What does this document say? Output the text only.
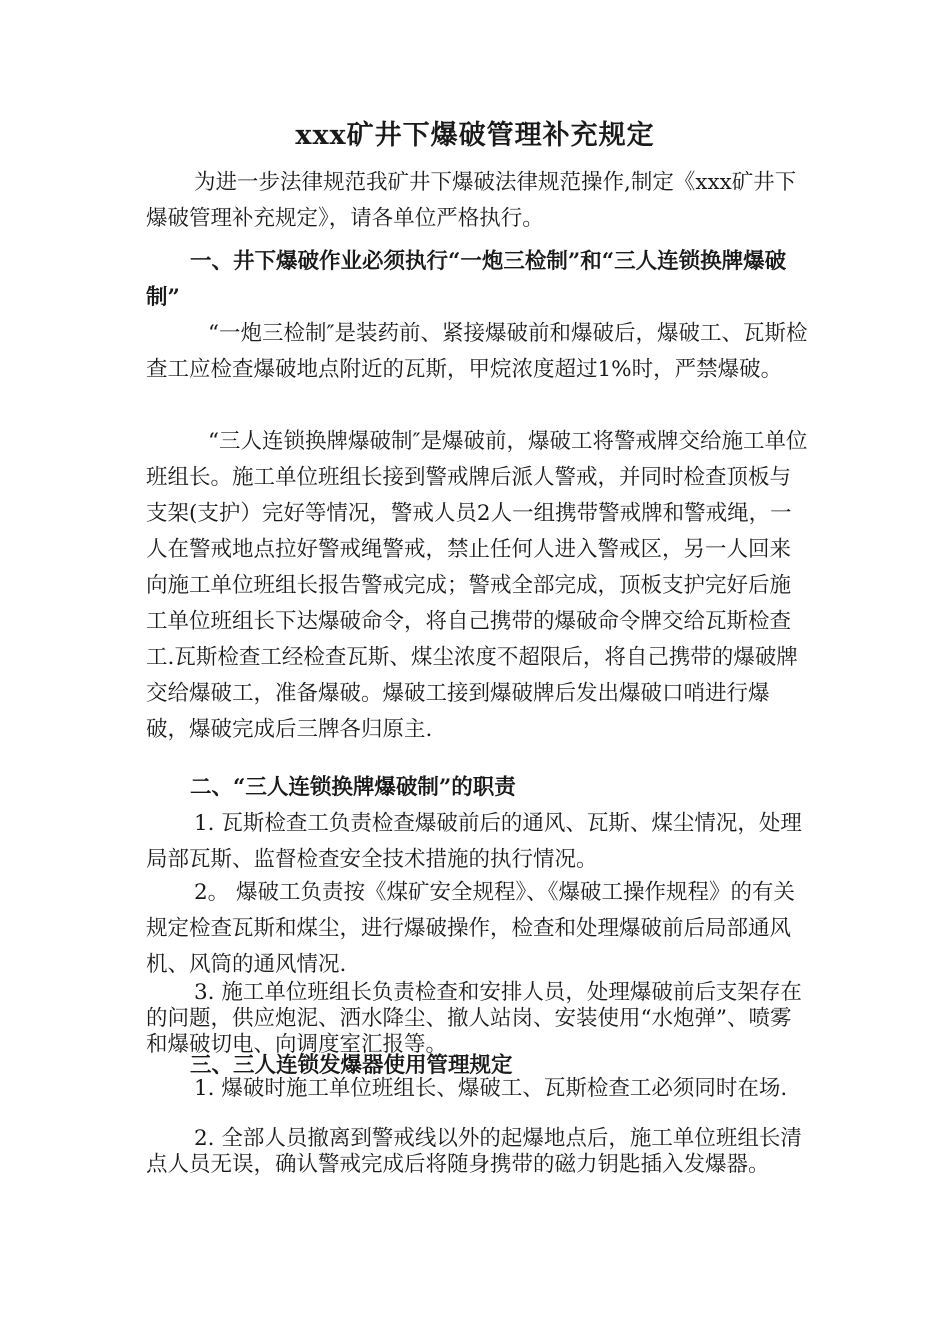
xxx矿井下爆破管理补充规定

为进一步法律规范我矿井下爆破法律规范操作,制定《xxx矿井下爆破管理补充规定》，请各单位严格执行。

一、井下爆破作业必须执行“一炮三检制”和“三人连锁换牌爆破制”

“一炮三检制″是装药前、紧接爆破前和爆破后，爆破工、瓦斯检查工应检查爆破地点附近的瓦斯，甲烷浓度超过1%时，严禁爆破。

“三人连锁换牌爆破制″是爆破前，爆破工将警戒牌交给施工单位班组长。施工单位班组长接到警戒牌后派人警戒，并同时检查顶板与支架(支护）完好等情况，警戒人员2人一组携带警戒牌和警戒绳，一人在警戒地点拉好警戒绳警戒，禁止任何人进入警戒区，另一人回来向施工单位班组长报告警戒完成；警戒全部完成，顶板支护完好后施工单位班组长下达爆破命令，将自己携带的爆破命令牌交给瓦斯检查工.瓦斯检查工经检查瓦斯、煤尘浓度不超限后，将自己携带的爆破牌交给爆破工，准备爆破。爆破工接到爆破牌后发出爆破口哨进行爆破，爆破完成后三牌各归原主.

二、“三人连锁换牌爆破制”的职责

1. 瓦斯检查工负责检查爆破前后的通风、瓦斯、煤尘情况，处理局部瓦斯、监督检查安全技术措施的执行情况。

2。 爆破工负责按《煤矿安全规程》、《爆破工操作规程》的有关规定检查瓦斯和煤尘，进行爆破操作，检查和处理爆破前后局部通风机、风筒的通风情况.

3. 施工单位班组长负责检查和安排人员，处理爆破前后支架存在的问题，供应炮泥、洒水降尘、撤人站岗、安装使用“水炮弹”、喷雾和爆破切电、向调度室汇报等。

三、三人连锁发爆器使用管理规定

1. 爆破时施工单位班组长、爆破工、瓦斯检查工必须同时在场.

2. 全部人员撤离到警戒线以外的起爆地点后，施工单位班组长清点人员无误，确认警戒完成后将随身携带的磁力钥匙插入发爆器。
